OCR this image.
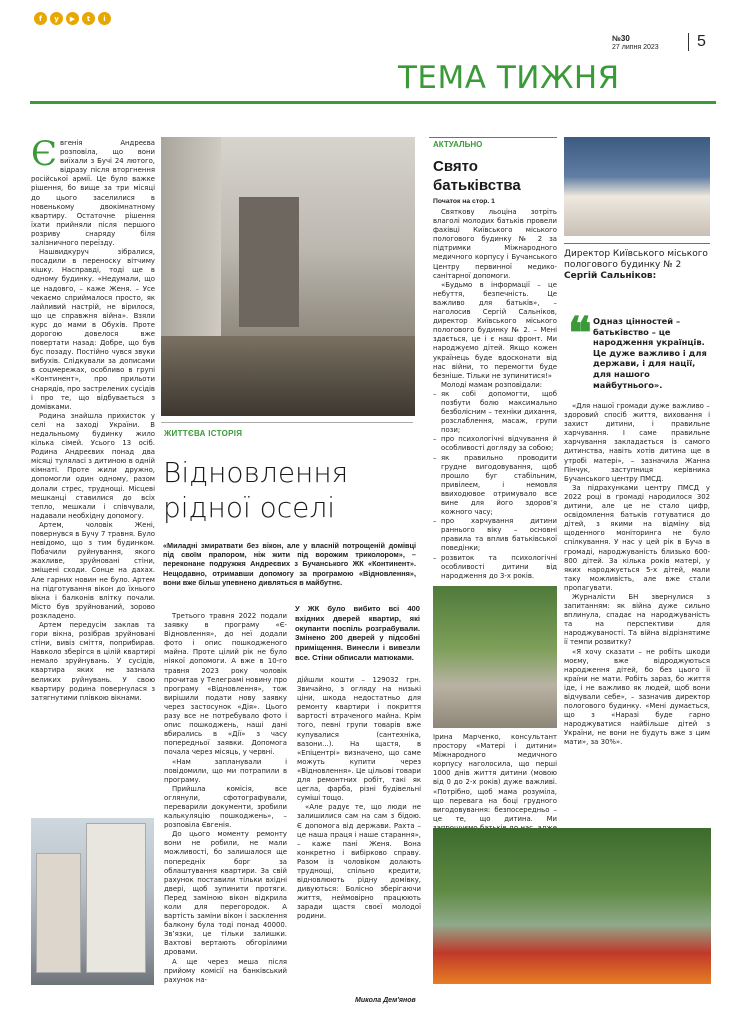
f	y	▶	t	i
№30
27 липня 2023	5
ТЕМА ТИЖНЯ

Євгенія Андреєва розповіла, що вони виїхали з Бучі 24 лютого, відразу після вторгнення російської армії. Це було важке рішення, бо вище за три місяці до цього заселилися в новенькому двокімнатному квартиру. Остаточне рішення їхати прийняли після першого розриву снаряду біля залізничного переїзду.

Нашвидкуруч зібралися, посадили в переноску вітчиму кішку. Насправді, тоді ще в одному будинку. «Недумали, що це надовго, – каже Женя. – Усе чекаємо сприймалося просто, як лайливий настрій, не вірилося, що це справжня війна». Взяли курс до мами в Обухів. Проте дорогою довелося вже повертати назад: Добре, що був бус позаду. Постійно чувся звуки вибухів. Слідкували за дописами в соцмережах, особливо в групі «Континент», про прильоти снарядів, про застрелених сусідів і про те, що відбувається з домівками.

Родина знайшла прихисток у селі на заході України. В недальньому будинку жило кілька сімей. Усього 13 осіб. Родина Андреєвих понад два місяці туляласі з дитиною в одній кімнаті. Проте жили дружно, допомогли один одному, разом долали стрес, труднощі. Місцеві мешканці ставилися до всіх тепло, мешкали і співчували, надавали необхідну допомогу.

Артем, чоловік Жені, повернувся в Бучу 7 травня. Було невідомо, що з тим будинком. Побачили руйнування, якого жахливе, зруйновані стіни, зміщені сходи. Сонце на дахах. Але гарних новин не було. Артем на підготування вікон до їхнього вікна і балконів влітку почали. Місто був зруйнований, зорово розкладено.

Артем передусім заклав та гори вікна, розібрав зруйновані стіни, вивіз сміття, поприбирав. Навколо зберігся в цілій квартирі немало зруйнувань. У сусідів, квартира яких не зазнала великих руйнувань. У свою квартиру родина повернулася з затягнутими плівкою вікнами.

ЖИТТЄВА ІСТОРІЯ
Відновлення
рідної оселі
«Миладні змиратвати без вікон, але у власній потрощеній домівці під своїм прапором, ніж жити під ворожим триколором», – переконане подружжя Андреєвих з Бучанського ЖК «Континент». Нещодавно, отримавши допомогу за програмою «Відновлення», вони вже більш упевнено дивляться в майбутнє.

Третього травня 2022 подали заявку в програму «Є-Відновлення», до неї додали фото і опис пошкодженого майна. Проте цілий рік не було ніякої допомоги. А вже в 10-го травня 2023 року чоловік прочитав у Телеграмі новину про програму «Відновлення», тож вирішили подати нову заявку через застосунок «Дія». Цього разу все не потребувало фото і опис пошкоджень, наші дані вбирались в «Дії» з часу попередньої заявки. Допомога почала через місяць, у червні.

«Нам запланували і повідомили, що ми потрапили в програму.

Прийшла комісія, все оглянули, сфотографували, переварили документи, зробили калькуляцію пошкоджень», – розповіла Євгенія.

До цього моменту ремонту вони не робили, не мали можливості, бо залишалося ще попередніх борг за облаштування квартири. За свій рахунок поставили тільки вхідні двері, щоб зупинити протяги. Перед заміною вікон відкрила коли для перегородок. А вартість заміни вікон і засклення балкону була тоді понад 40000. Зв’язки, це тільки залишки. Вахтові вертають обгорілими дровами.

А ще через меша після прийому комісії на банківський рахунок на-

У ЖК було вибито всі 400 вхідних дверей квартир, які окупанти поспіль розграбували. Змінено 200 дверей у підсобні приміщення. Винесли і вивезли все. Стіни обписали матюками.

дійшли кошти – 129032 грн. Звичайно, з огляду на низькі ціни, шкода недостатньо для ремонту квартири і покриття вартості втраченого майна. Крім того, певні групи товарів вже купувалися (сантехніка, вазони...). На щастя, в «Епіцентрі» визначено, що саме можуть купити через «Відновлення». Це цільові товари для ремонтних робіт, такі як цегла, фарба, різні будівельні суміші тощо.

«Але радує те, що люди не залишилися сам на сам з бідою. Є допомога від держави. Рахта – це наша праця і наше старання», – каже пані Женя. Вона конкретно і вибірково справу. Разом із чоловіком долають труднощі, спільно кредити, відновлюють рідну домівку, дивуються: Болісно зберігаючи життя, неймовірно працюють заради щастя своєї молодої родини.

Микола Дем'янов
АКТУАЛЬНО
Свято
батьківства
Початок на стор. 1

Святкову льоціна зотріть влаголі молодих батьків провели фахівці Київського міського пологового будинку № 2 за підтримки Міжнародного медичного корпусу і Бучанського Центру первинної медико-санітарної допомоги.

«Будьмо в інформації – це небуття, безпечність. Це важливо для батьків», – наголосив Сергій Сальніков, директор Київського міського пологового будинку № 2. – Мені здається, це і є наш фронт. Ми народжуємо дітей. Якщо кожен українець буде вдосконати від нас війни, то перемогти буде безніше. Тільки не зупинитися!»

Молоді мамам розповідали:

– як собі допомогти, щоб позбути болю максимально безболісним – техніки дихання, розслаблення, масаж, групи пози;
– про психологічні відчування й особливості догляду за собою;
– як правильно проводити грудне вигодовування, щоб прошло буг стабільним, привілеєм, і немовля ввиходювое отримувало все вине для його здоров’я кожного часу;
– про харчування дитини раннього віку – основні правила та вплив батьківської поведінки;
– розвиток та психологічні особливості дитини від народження до 3-х років.
Ірина Марченко, консультант простору «Матері і дитини» Міжнародного медичного корпусу наголосила, що перші 1000 днів життя дитини (мовою від 0 до 2-х років) дуже важливі. «Потрібно, щоб мама розуміла, що перевага на боці грудного вигодовування: безпосередньо – це те, що дитина. Ми
Директор Київського міського пологового будинку № 2
Сергій Сальніков:
❝ Одназ цінностей – батьківство – це народження українців. Це дуже важливо і для держави, і для нації, для нашого майбутнього».

«Для нашої громади дуже важливо – здоровий спосіб життя, виховання і захист дитини, і правильне харчування. І саме правильне харчування закладається із самого дитинства, навіть хотів дитина ще в утробі матері», – зазначила Жанна Пінчук, заступниця керівника Бучанського центру ПМСД.

За підрахунками центру ПМСД у 2022 році в громаді народилося 302 дитини, але це не стало цифр, освідомлення батьків готуватися до дітей, з якими на відміну від щоденного моніторинга не було спілкування. У нас у цей рік в Буча в громаді, народжуваність близько 600-800 дітей. За кілька років матері, у яких народжується 5-х дітей, мали таку можливість, але вже стали пропагувати.

Журналісти БН звернулися з запитанням: як війна дуже сильно вплинула, спадає на народжуваність та на перспективи для народжуваності. Та війна відрізнятиме її темпи розвитку?

«Я хочу сказати – не робіть шкоди моєму, вже відроджуються народження дітей, бо без цього її країни не мати. Робіть зараз, бо життя іде, і не важливо як людей, щоб вони відчували себе», – зазначив директор пологового будинку. «Мені думається, що з «Наразі буде гарно народжуватися найбільше дітей з України, не вони не будуть вже з цим мати», за 30%».
